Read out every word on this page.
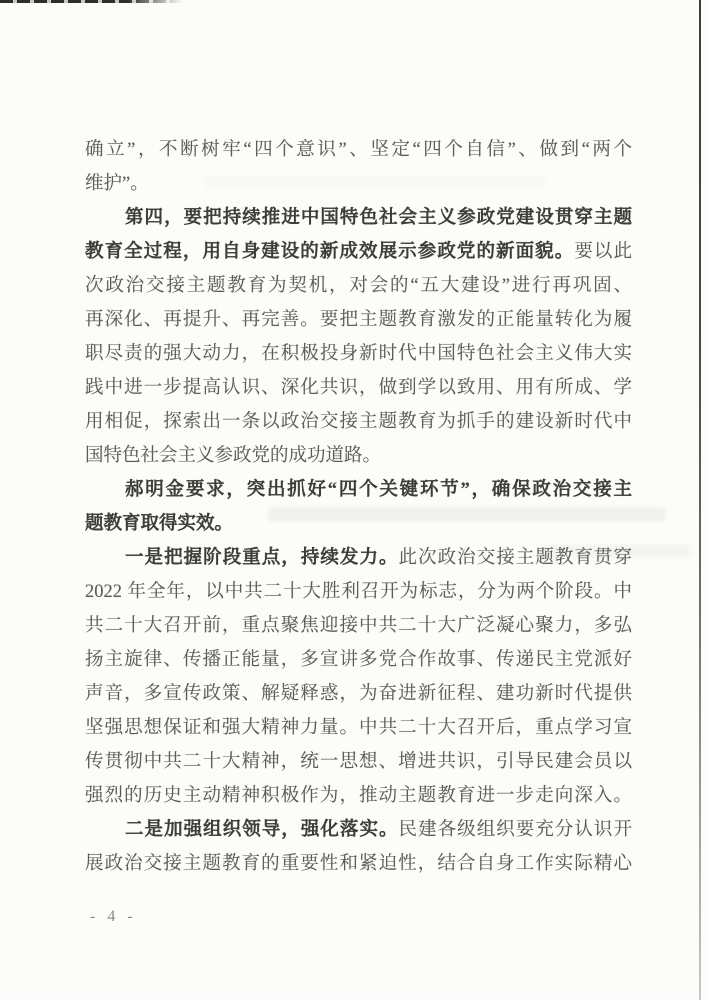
确立”，不断树牢“四个意识”、坚定“四个自信”、做到“两个
维护”。
第四，要把持续推进中国特色社会主义参政党建设贯穿主题
教育全过程，用自身建设的新成效展示参政党的新面貌。要以此
次政治交接主题教育为契机，对会的“五大建设”进行再巩固、
再深化、再提升、再完善。要把主题教育激发的正能量转化为履
职尽责的强大动力，在积极投身新时代中国特色社会主义伟大实
践中进一步提高认识、深化共识，做到学以致用、用有所成、学
用相促，探索出一条以政治交接主题教育为抓手的建设新时代中
国特色社会主义参政党的成功道路。
郝明金要求，突出抓好“四个关键环节”，确保政治交接主
题教育取得实效。
一是把握阶段重点，持续发力。此次政治交接主题教育贯穿
2022 年全年，以中共二十大胜利召开为标志，分为两个阶段。中
共二十大召开前，重点聚焦迎接中共二十大广泛凝心聚力，多弘
扬主旋律、传播正能量，多宣讲多党合作故事、传递民主党派好
声音，多宣传政策、解疑释惑，为奋进新征程、建功新时代提供
坚强思想保证和强大精神力量。中共二十大召开后，重点学习宣
传贯彻中共二十大精神，统一思想、增进共识，引导民建会员以
强烈的历史主动精神积极作为，推动主题教育进一步走向深入。
二是加强组织领导，强化落实。民建各级组织要充分认识开
展政治交接主题教育的重要性和紧迫性，结合自身工作实际精心
- 4 -
